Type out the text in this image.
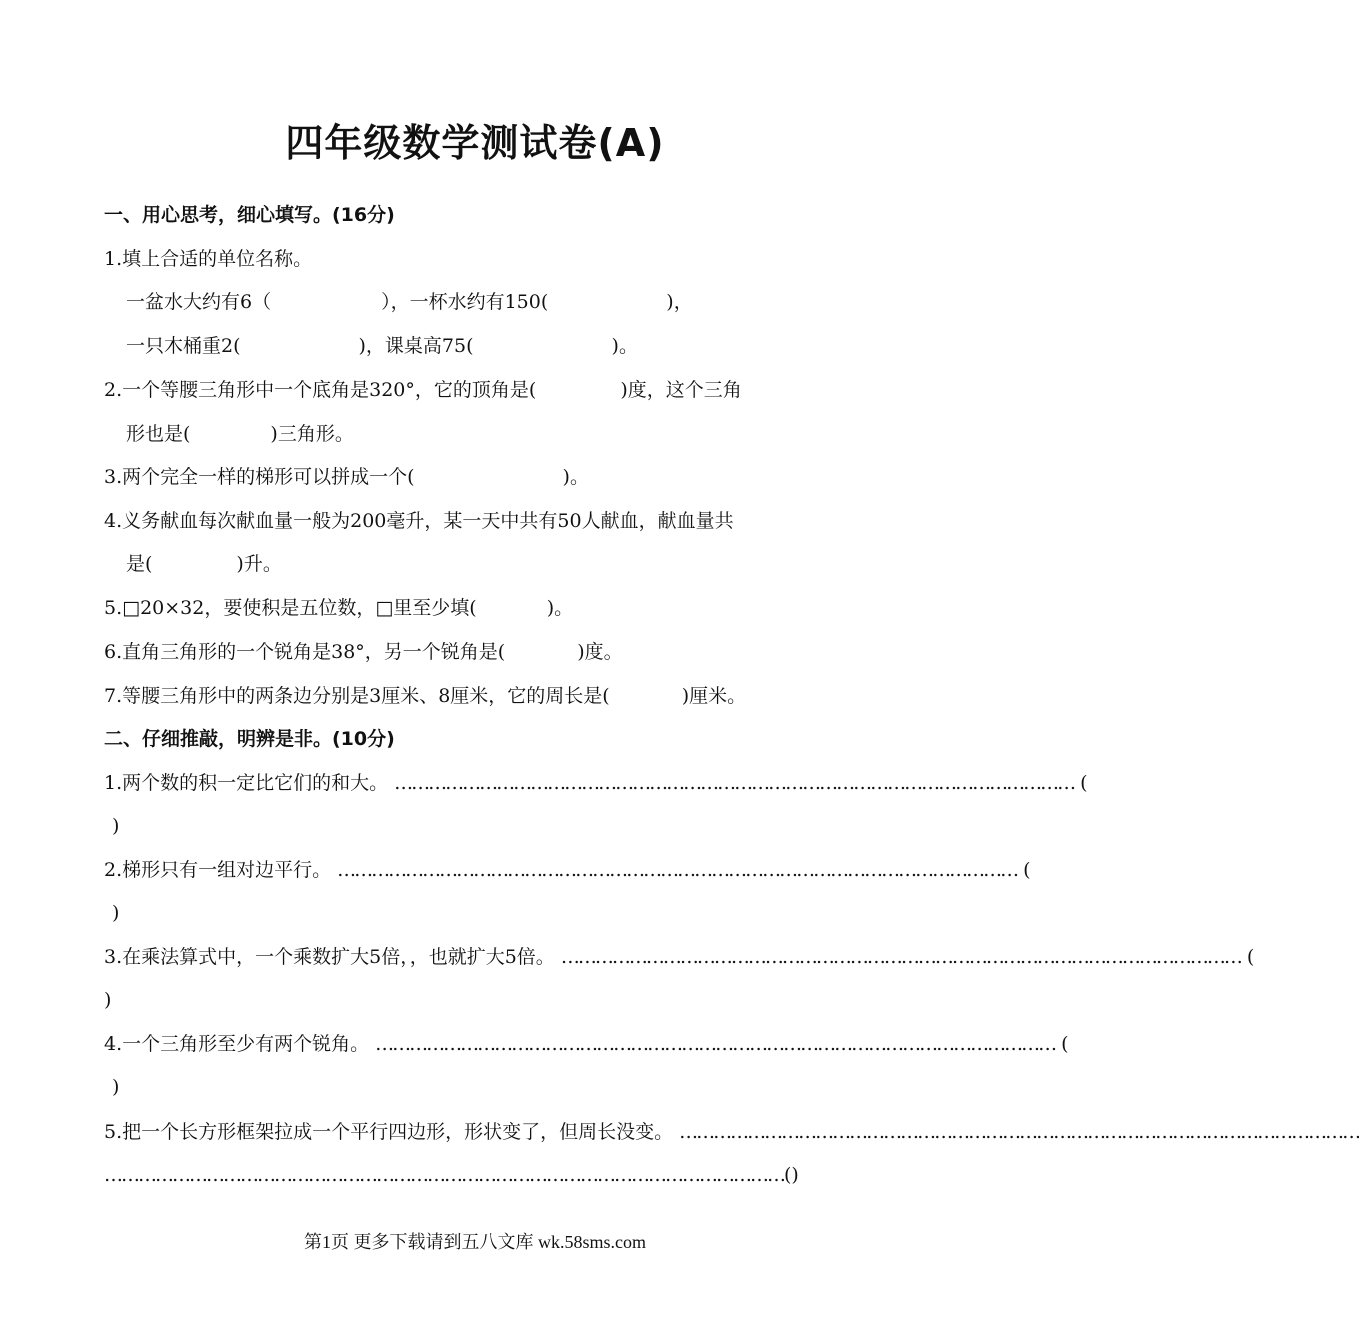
四年级数学测试卷(A)
一、用心思考，细心填写。(16分)
1.填上合适的单位名称。
一盆水大约有6（	），一杯水约有150(	)，
一只木桶重2(	)，课桌高75(	)。
2.一个等腰三角形中一个底角是320°，它的顶角是(	)度，这个三角
形也是(	)三角形。
3.两个完全一样的梯形可以拼成一个(	)。
4.义务献血每次献血量一般为200毫升，某一天中共有50人献血，献血量共
是(	)升。
5.□20×32，要使积是五位数，□里至少填(	)。
6.直角三角形的一个锐角是38°，另一个锐角是(	)度。
7.等腰三角形中的两条边分别是3厘米、8厘米，它的周长是(	)厘米。
二、仔细推敲，明辨是非。(10分)
1.两个数的积一定比它们的和大。 ………………………………………………………………………………………………………… (
)
2.梯形只有一组对边平行。 ………………………………………………………………………………………………………… (
)
3.在乘法算式中，一个乘数扩大5倍，，也就扩大5倍。 ………………………………………………………………………………………………………… (
)
4.一个三角形至少有两个锐角。 ………………………………………………………………………………………………………… (
)
5.把一个长方形框架拉成一个平行四边形，形状变了，但周长没变。 …………………………………………………………………………………………………………
………………………………………………………………………………………………………… ( )
第1页 更多下载请到五八文库 wk.58sms.com
